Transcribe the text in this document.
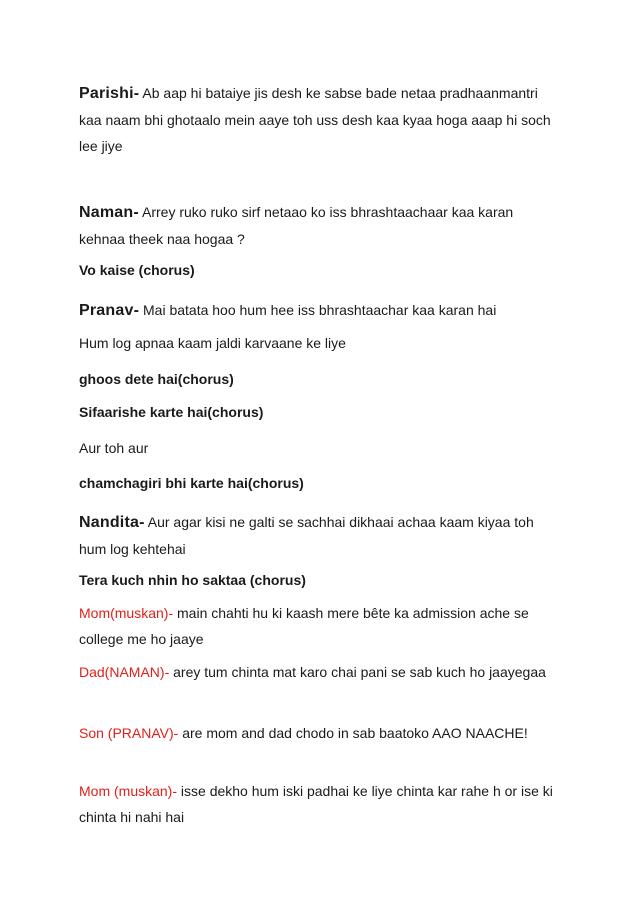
Parishi- Ab aap hi bataiye jis desh ke sabse bade netaa pradhaanmantri kaa naam bhi ghotaalo mein aaye toh uss desh kaa kyaa hoga aaap hi soch lee jiye
Naman- Arrey ruko ruko sirf netaao ko iss bhrashtaachaar kaa karan kehnaa theek naa hogaa ?
Vo kaise (chorus)
Pranav- Mai batata hoo hum hee iss bhrashtaachar kaa karan hai
Hum log apnaa kaam jaldi karvaane ke liye
ghoos dete hai(chorus)
Sifaarishe karte hai(chorus)
Aur toh aur
chamchagiri bhi karte hai(chorus)
Nandita- Aur agar kisi ne galti se sachhai dikhaai achaa kaam kiyaa toh hum log kehtehai
Tera kuch nhin ho saktaa (chorus)
Mom(muskan)- main chahti hu ki kaash mere bête ka admission ache se college me ho jaaye
Dad(NAMAN)- arey tum chinta mat karo chai pani se sab kuch ho jaayegaa
Son (PRANAV)- are mom and dad chodo in sab baatoko AAO NAACHE!
Mom (muskan)- isse dekho hum iski padhai ke liye chinta kar rahe h or ise ki chinta hi nahi hai
